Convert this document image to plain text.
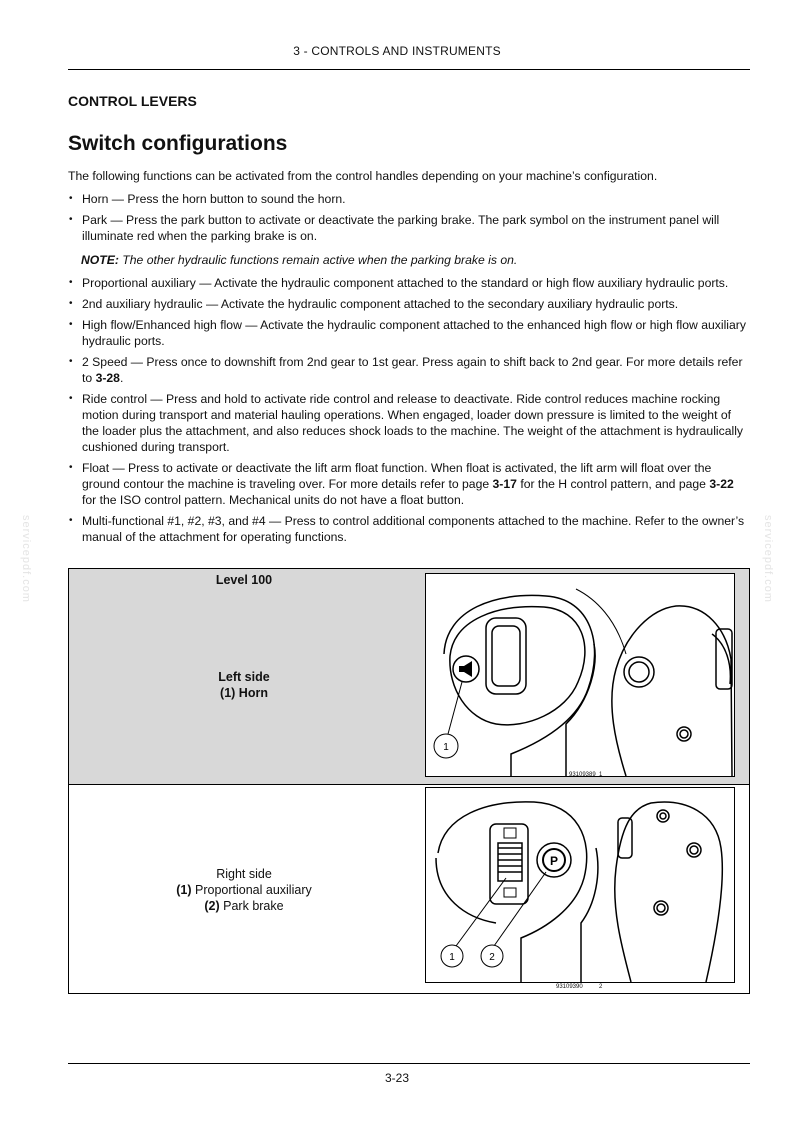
servicepdf.com	servicepdf.com
3 - CONTROLS AND INSTRUMENTS
CONTROL LEVERS
Switch configurations
The following functions can be activated from the control handles depending on your machine’s configuration.
• Horn — Press the horn button to sound the horn.
• Park — Press the park button to activate or deactivate the parking brake. The park symbol on the instrument panel will illuminate red when the parking brake is on.
NOTE: The other hydraulic functions remain active when the parking brake is on.
• Proportional auxiliary — Activate the hydraulic component attached to the standard or high flow auxiliary hydraulic ports.
• 2nd auxiliary hydraulic — Activate the hydraulic component attached to the secondary auxiliary hydraulic ports.
• High flow/Enhanced high flow — Activate the hydraulic component attached to the enhanced high flow or high flow auxiliary hydraulic ports.
• 2 Speed — Press once to downshift from 2nd gear to 1st gear. Press again to shift back to 2nd gear. For more details refer to 3-28.
• Ride control — Press and hold to activate ride control and release to deactivate. Ride control reduces machine rocking motion during transport and material hauling operations. When engaged, loader down pressure is limited to the weight of the loader plus the attachment, and also reduces shock loads to the machine. The weight of the attachment is hydraulically cushioned during transport.
• Float — Press to activate or deactivate the lift arm float function. When float is activated, the lift arm will float over the ground contour the machine is traveling over. For more details refer to page 3-17 for the H control pattern, and page 3-22 for the ISO control pattern. Mechanical units do not have a float button.
• Multi-functional #1, #2, #3, and #4 — Press to control additional components attached to the machine. Refer to the owner’s manual of the attachment for operating functions.
Level 100
Left side
(1) Horn
1
93109389 1
Right side
(1) Proportional auxiliary
(2) Park brake
P
1	2
93109390	2
3-23
